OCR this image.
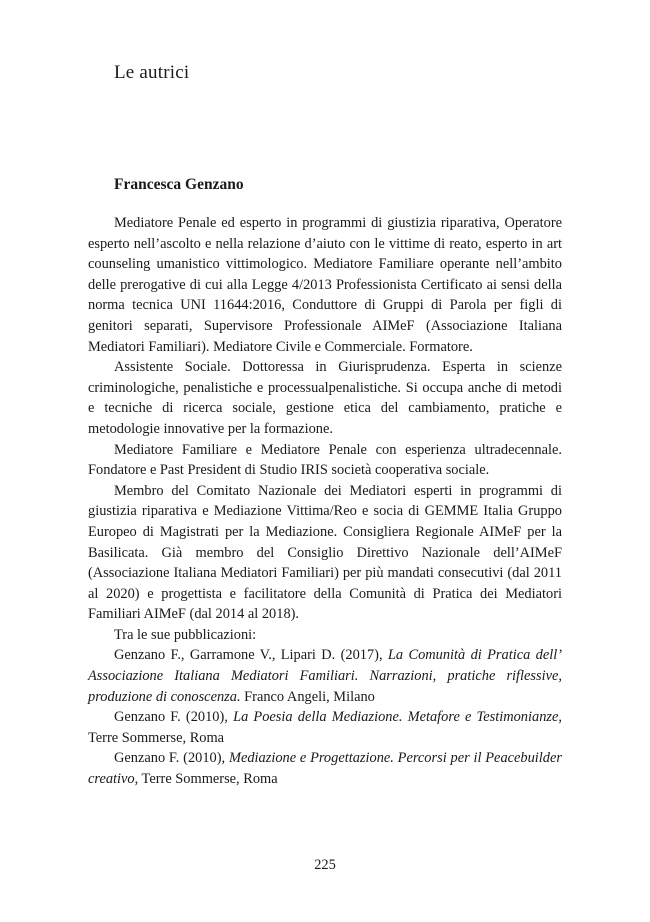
Le autrici
Francesca Genzano

Mediatore Penale ed esperto in programmi di giustizia riparativa, Operatore esperto nell’ascolto e nella relazione d’aiuto con le vittime di reato, esperto in art counseling umanistico vittimologico. Mediatore Familiare operante nell’ambito delle prerogative di cui alla Legge 4/2013 Professionista Certificato ai sensi della norma tecnica UNI 11644:2016, Conduttore di Gruppi di Parola per figli di genitori separati, Supervisore Professionale AIMeF (Associazione Italiana Mediatori Familiari). Mediatore Civile e Commerciale. Formatore.

Assistente Sociale. Dottoressa in Giurisprudenza. Esperta in scienze criminologiche, penalistiche e processualpenalistiche. Si occupa anche di metodi e tecniche di ricerca sociale, gestione etica del cambiamento, pratiche e metodologie innovative per la formazione.

Mediatore Familiare e Mediatore Penale con esperienza ultradecennale. Fondatore e Past President di Studio IRIS società cooperativa sociale.

Membro del Comitato Nazionale dei Mediatori esperti in programmi di giustizia riparativa e Mediazione Vittima/Reo e socia di GEMME Italia Gruppo Europeo di Magistrati per la Mediazione. Consigliera Regionale AIMeF per la Basilicata. Già membro del Consiglio Direttivo Nazionale dell’AIMeF (Associazione Italiana Mediatori Familiari) per più mandati consecutivi (dal 2011 al 2020) e progettista e facilitatore della Comunità di Pratica dei Mediatori Familiari AIMeF (dal 2014 al 2018).

Tra le sue pubblicazioni:

Genzano F., Garramone V., Lipari D. (2017), La Comunità di Pratica dell’ Associazione Italiana Mediatori Familiari. Narrazioni, pratiche riflessive, produzione di conoscenza. Franco Angeli, Milano

Genzano F. (2010), La Poesia della Mediazione. Metafore e Testimonianze, Terre Sommerse, Roma

Genzano F. (2010), Mediazione e Progettazione. Percorsi per il Peacebuilder creativo, Terre Sommerse, Roma

225
